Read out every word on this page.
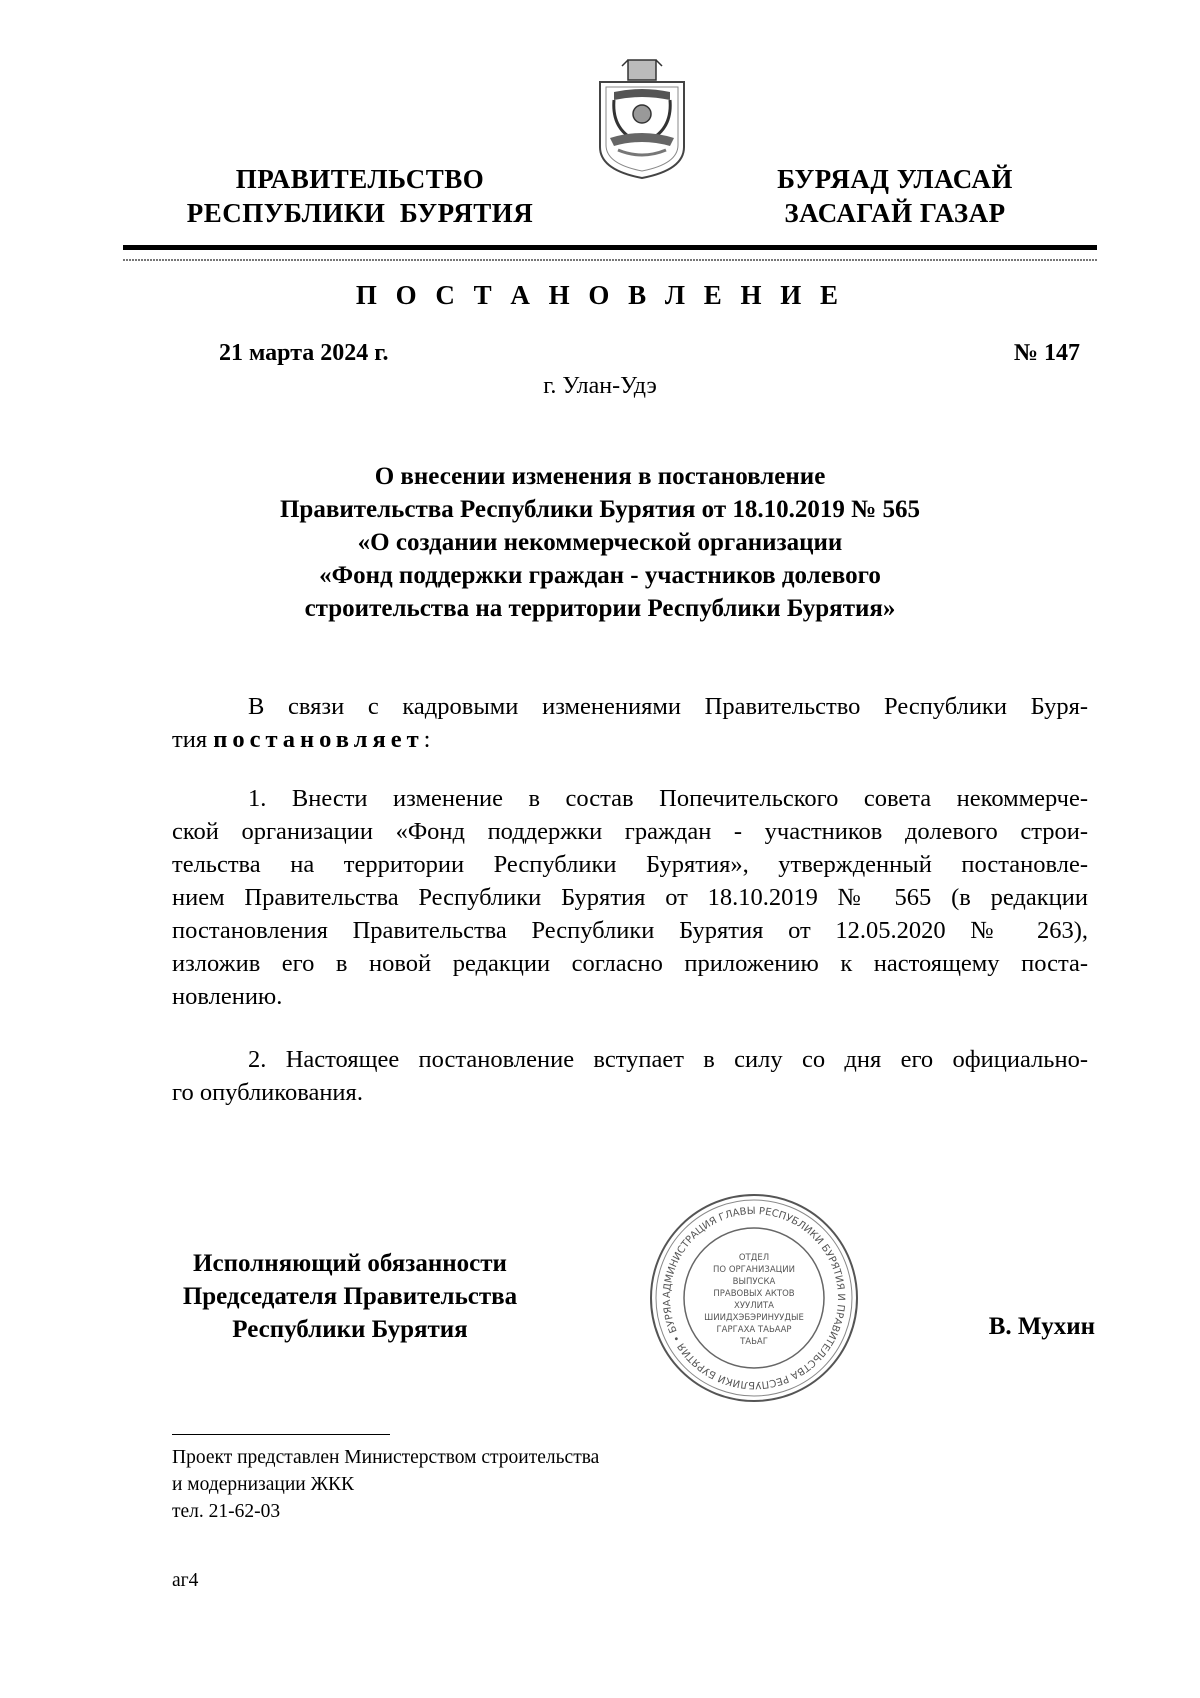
ПРАВИТЕЛЬСТВО
РЕСПУБЛИКИ  БУРЯТИЯ
БУРЯАД УЛАСАЙ
ЗАСАГАЙ ГАЗАР
П О С Т А Н О В Л Е Н И Е
21 марта 2024 г.	№ 147
г. Улан-Удэ
О внесении изменения в постановление
Правительства Республики Бурятия от 18.10.2019 № 565
«О создании некоммерческой организации
«Фонд поддержки граждан - участников долевого
строительства на территории Республики Бурятия»
В связи с кадровыми изменениями Правительство Республики Буря-
тия постановляет:
1. Внести изменение в состав Попечительского совета некоммерче-
ской организации «Фонд поддержки граждан - участников долевого строи-
тельства на территории Республики Бурятия», утвержденный постановле-
нием Правительства Республики Бурятия от 18.10.2019 № 565 (в редакции
постановления Правительства Республики Бурятия от 12.05.2020 № 263),
изложив его в новой редакции согласно приложению к настоящему поста-
новлению.
2. Настоящее постановление вступает в силу со дня его официально-
го опубликования.
Исполняющий обязанности
Председателя Правительства
Республики Бурятия
АДМИНИСТРАЦИЯ ГЛАВЫ РЕСПУБЛИКИ БУРЯТИЯ И ПРАВИТЕЛЬСТВА РЕСПУБЛИКИ БУРЯТИЯ • БУРЯА
ОТДЕЛ
ПО ОРГАНИЗАЦИИ
ВЫПУСКА
ПРАВОВЫХ АКТОВ
ХУУЛИТА
ШИИДХЭБЭРИНУУДЫЕ
ГАРГАХА ТАЬААР
ТАЬАГ
В. Мухин
Проект представлен Министерством строительства
и модернизации ЖКК
тел. 21-62-03
аг4
